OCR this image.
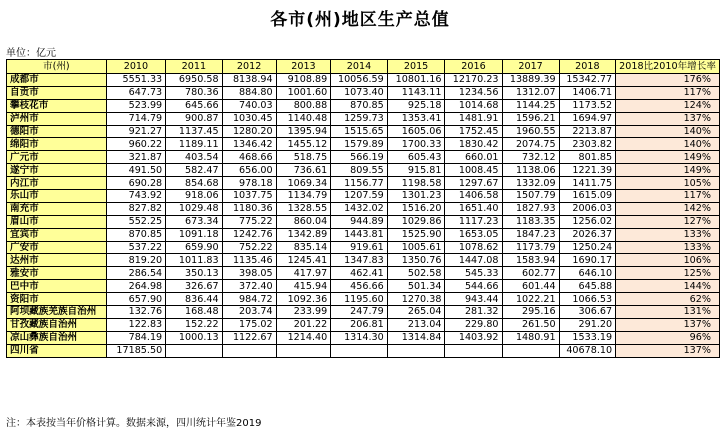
各市(州)地区生产总值
单位：亿元
市(州)	2010	2011	2012	2013	2014	2015	2016	2017	2018	2018比2010年增长率
成都市	5551.33	6950.58	8138.94	9108.89	10056.59	10801.16	12170.23	13889.39	15342.77	176%
自贡市	647.73	780.36	884.80	1001.60	1073.40	1143.11	1234.56	1312.07	1406.71	117%
攀枝花市	523.99	645.66	740.03	800.88	870.85	925.18	1014.68	1144.25	1173.52	124%
泸州市	714.79	900.87	1030.45	1140.48	1259.73	1353.41	1481.91	1596.21	1694.97	137%
德阳市	921.27	1137.45	1280.20	1395.94	1515.65	1605.06	1752.45	1960.55	2213.87	140%
绵阳市	960.22	1189.11	1346.42	1455.12	1579.89	1700.33	1830.42	2074.75	2303.82	140%
广元市	321.87	403.54	468.66	518.75	566.19	605.43	660.01	732.12	801.85	149%
遂宁市	491.50	582.47	656.00	736.61	809.55	915.81	1008.45	1138.06	1221.39	149%
内江市	690.28	854.68	978.18	1069.34	1156.77	1198.58	1297.67	1332.09	1411.75	105%
乐山市	743.92	918.06	1037.75	1134.79	1207.59	1301.23	1406.58	1507.79	1615.09	117%
南充市	827.82	1029.48	1180.36	1328.55	1432.02	1516.20	1651.40	1827.93	2006.03	142%
眉山市	552.25	673.34	775.22	860.04	944.89	1029.86	1117.23	1183.35	1256.02	127%
宜宾市	870.85	1091.18	1242.76	1342.89	1443.81	1525.90	1653.05	1847.23	2026.37	133%
广安市	537.22	659.90	752.22	835.14	919.61	1005.61	1078.62	1173.79	1250.24	133%
达州市	819.20	1011.83	1135.46	1245.41	1347.83	1350.76	1447.08	1583.94	1690.17	106%
雅安市	286.54	350.13	398.05	417.97	462.41	502.58	545.33	602.77	646.10	125%
巴中市	264.98	326.67	372.40	415.94	456.66	501.34	544.66	601.44	645.88	144%
资阳市	657.90	836.44	984.72	1092.36	1195.60	1270.38	943.44	1022.21	1066.53	62%
阿坝藏族羌族自治州	132.76	168.48	203.74	233.99	247.79	265.04	281.32	295.16	306.67	131%
甘孜藏族自治州	122.83	152.22	175.02	201.22	206.81	213.04	229.80	261.50	291.20	137%
凉山彝族自治州	784.19	1000.13	1122.67	1214.40	1314.30	1314.84	1403.92	1480.91	1533.19	96%
四川省	17185.50								40678.10	137%
注：本表按当年价格计算。数据来源，四川统计年鉴2019
